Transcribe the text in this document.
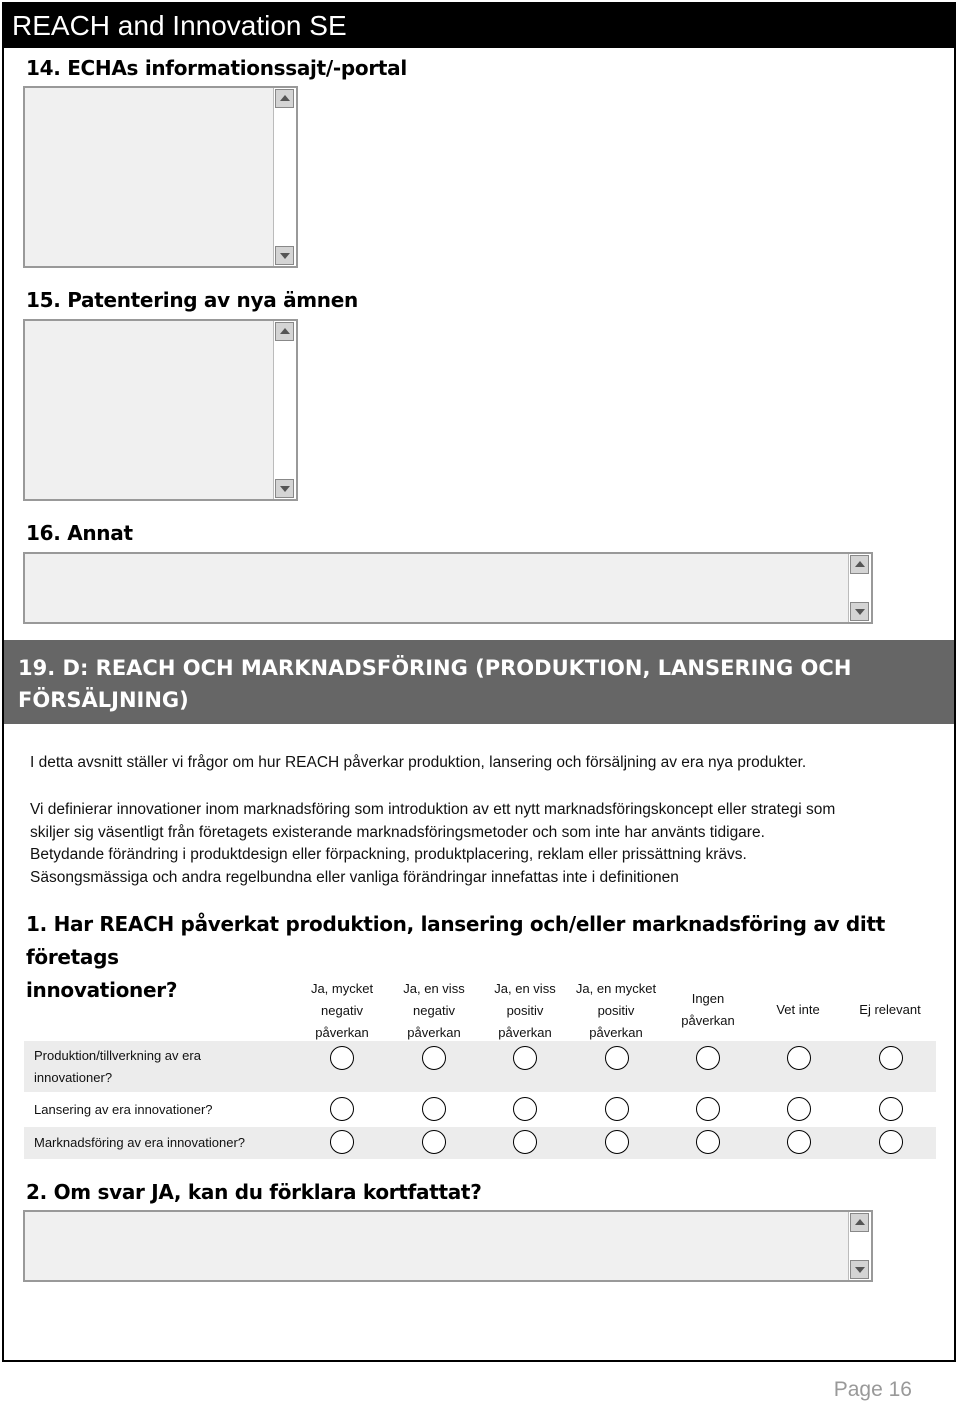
REACH and Innovation SE
14. ECHAs informationssajt/-portal
15. Patentering av nya ämnen
16. Annat
19. D: REACH OCH MARKNADSFÖRING (PRODUKTION, LANSERING OCH
FÖRSÄLJNING)
I detta avsnitt ställer vi frågor om hur REACH påverkar produktion, lansering och försäljning av era nya produkter.
Vi definierar innovationer inom marknadsföring som introduktion av ett nytt marknadsföringskoncept eller strategi som
skiljer sig väsentligt från företagets existerande marknadsföringsmetoder och som inte har använts tidigare.
Betydande förändring i produktdesign eller förpackning, produktplacering, reklam eller prissättning krävs.
Säsongsmässiga och andra regelbundna eller vanliga förändringar innefattas inte i definitionen
1. Har REACH påverkat produktion, lansering och/eller marknadsföring av ditt företags
innovationer?	Ja, mycket
negativ
påverkan
Ja, en viss
negativ
påverkan
Ja, en viss
positiv
påverkan
Ja, en mycket
positiv
påverkan
Ingen
påverkan
Vet inte	Ej relevant
Produktion/tillverkning av era
innovationer?
Lansering av era innovationer?
Marknadsföring av era innovationer?
2. Om svar JA, kan du förklara kortfattat?
Page 16
